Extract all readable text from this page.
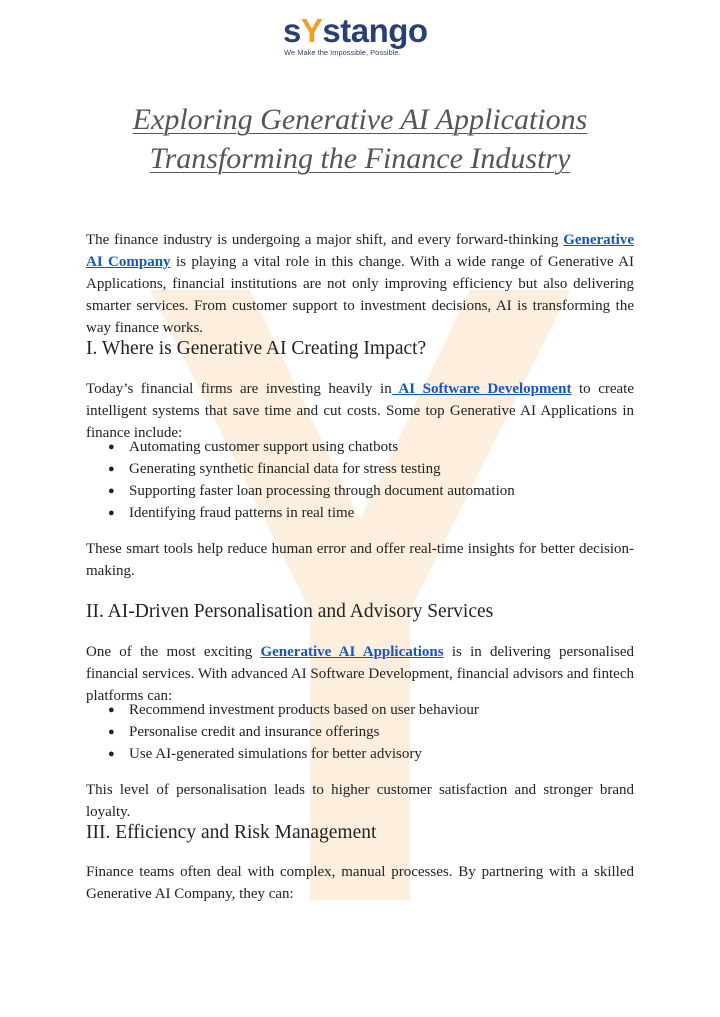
sYstango
We Make the Impossible, Possible.
Exploring Generative AI Applications
Transforming the Finance Industry

The finance industry is undergoing a major shift, and every forward-thinking Generative AI Company is playing a vital role in this change. With a wide range of Generative AI Applications, financial institutions are not only improving efficiency but also delivering smarter services. From customer support to investment decisions, AI is transforming the way finance works.

I. Where is Generative AI Creating Impact?

Today’s financial firms are investing heavily in AI Software Development to create intelligent systems that save time and cut costs. Some top Generative AI Applications in finance include:

● Automating customer support using chatbots
● Generating synthetic financial data for stress testing
● Supporting faster loan processing through document automation
● Identifying fraud patterns in real time

These smart tools help reduce human error and offer real-time insights for better decision-making.

II. AI-Driven Personalisation and Advisory Services

One of the most exciting Generative AI Applications is in delivering personalised financial services. With advanced AI Software Development, financial advisors and fintech platforms can:

● Recommend investment products based on user behaviour
● Personalise credit and insurance offerings
● Use AI-generated simulations for better advisory

This level of personalisation leads to higher customer satisfaction and stronger brand loyalty.

III. Efficiency and Risk Management

Finance teams often deal with complex, manual processes. By partnering with a skilled Generative AI Company, they can:
